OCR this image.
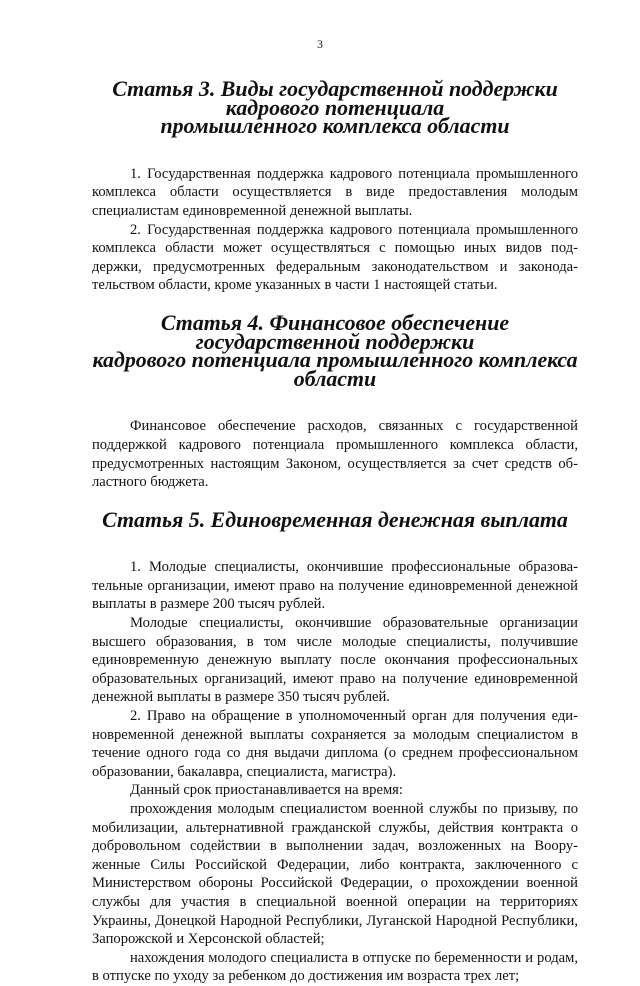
3
Статья 3. Виды государственной поддержки кадрового потенциала
промышленного комплекса области

1. Государственная поддержка кадрового потенциала промышленного комплекса области осуществляется в виде предоставления молодым специалистам единовременной денежной выплаты.

2. Государственная поддержка кадрового потенциала промышленного комплекса области может осуществляться с помощью иных видов поддержки, предусмотренных федеральным законодательством и законодательством области, кроме указанных в части 1 настоящей статьи.

Статья 4. Финансовое обеспечение государственной поддержки
кадрового потенциала промышленного комплекса области

Финансовое обеспечение расходов, связанных с государственной поддержкой кадрового потенциала промышленного комплекса области, предусмотренных настоящим Законом, осуществляется за счет средств областного бюджета.

Статья 5. Единовременная денежная выплата

1. Молодые специалисты, окончившие профессиональные образовательные организации, имеют право на получение единовременной денежной выплаты в размере 200 тысяч рублей.

Молодые специалисты, окончившие образовательные организации высшего образования, в том числе молодые специалисты, получившие единовременную денежную выплату после окончания профессиональных образовательных организаций, имеют право на получение единовременной денежной выплаты в размере 350 тысяч рублей.

2. Право на обращение в уполномоченный орган для получения единовременной денежной выплаты сохраняется за молодым специалистом в течение одного года со дня выдачи диплома (о среднем профессиональном образовании, бакалавра, специалиста, магистра).

Данный срок приостанавливается на время:

прохождения молодым специалистом военной службы по призыву, по мобилизации, альтернативной гражданской службы, действия контракта о добровольном содействии в выполнении задач, возложенных на Вооруженные Силы Российской Федерации, либо контракта, заключенного с Министерством обороны Российской Федерации, о прохождении военной службы для участия в специальной военной операции на территориях Украины, Донецкой Народной Республики, Луганской Народной Республики, Запорожской и Херсонской областей;

нахождения молодого специалиста в отпуске по беременности и родам, в отпуске по уходу за ребенком до достижения им возраста трех лет;
